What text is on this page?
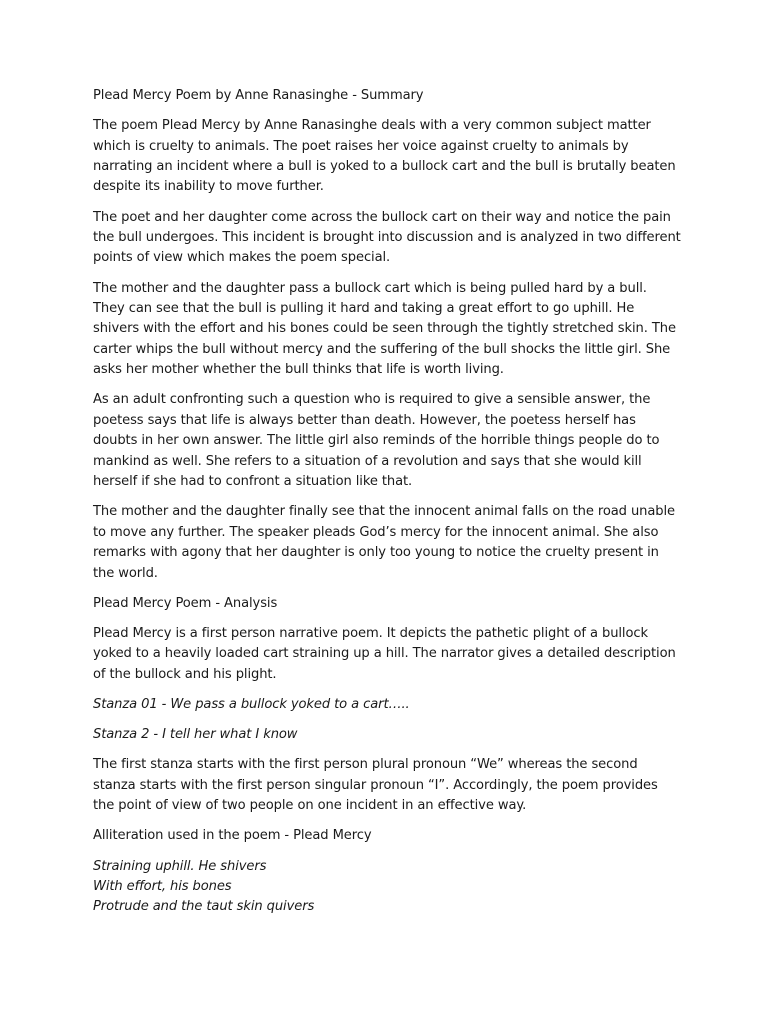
Plead Mercy Poem by Anne Ranasinghe - Summary

The poem Plead Mercy by Anne Ranasinghe deals with a very common subject matter which is cruelty to animals. The poet raises her voice against cruelty to animals by narrating an incident where a bull is yoked to a bullock cart and the bull is brutally beaten despite its inability to move further.

The poet and her daughter come across the bullock cart on their way and notice the pain the bull undergoes. This incident is brought into discussion and is analyzed in two different points of view which makes the poem special.

The mother and the daughter pass a bullock cart which is being pulled hard by a bull. They can see that the bull is pulling it hard and taking a great effort to go uphill. He shivers with the effort and his bones could be seen through the tightly stretched skin. The carter whips the bull without mercy and the suffering of the bull shocks the little girl. She asks her mother whether the bull thinks that life is worth living.

As an adult confronting such a question who is required to give a sensible answer, the poetess says that life is always better than death. However, the poetess herself has doubts in her own answer. The little girl also reminds of the horrible things people do to mankind as well. She refers to a situation of a revolution and says that she would kill herself if she had to confront a situation like that.

The mother and the daughter finally see that the innocent animal falls on the road unable to move any further. The speaker pleads God’s mercy for the innocent animal. She also remarks with agony that her daughter is only too young to notice the cruelty present in the world.

Plead Mercy Poem - Analysis

Plead Mercy is a first person narrative poem. It depicts the pathetic plight of a bullock yoked to a heavily loaded cart straining up a hill. The narrator gives a detailed description of the bullock and his plight.

Stanza 01 - We pass a bullock yoked to a cart…..

Stanza 2 - I tell her what I know

The first stanza starts with the first person plural pronoun “We” whereas the second stanza starts with the first person singular pronoun “I”. Accordingly, the poem provides the point of view of two people on one incident in an effective way.

Alliteration used in the poem - Plead Mercy

Straining uphill. He shivers
With effort, his bones
Protrude and the taut skin quivers
